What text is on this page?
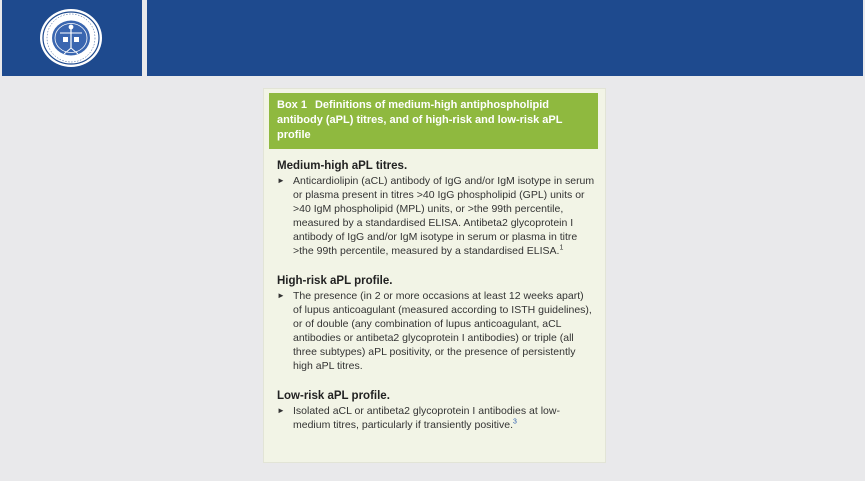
Box 1 Definitions of medium-high antiphospholipid antibody (aPL) titres, and of high-risk and low-risk aPL profile
Medium-high aPL titres.
► Anticardiolipin (aCL) antibody of IgG and/or IgM isotype in serum or plasma present in titres >40 IgG phospholipid (GPL) units or >40 IgM phospholipid (MPL) units, or >the 99th percentile, measured by a standardised ELISA. Antibeta2 glycoprotein I antibody of IgG and/or IgM isotype in serum or plasma in titre >the 99th percentile, measured by a standardised ELISA.$^1$
High-risk aPL profile.
► The presence (in 2 or more occasions at least 12 weeks apart) of lupus anticoagulant (measured according to ISTH guidelines), or of double (any combination of lupus anticoagulant, aCL antibodies or antibeta2 glycoprotein I antibodies) or triple (all three subtypes) aPL positivity, or the presence of persistently high aPL titres.
Low-risk aPL profile.
► Isolated aCL or antibeta2 glycoprotein I antibodies at low-medium titres, particularly if transiently positive.$^3$
